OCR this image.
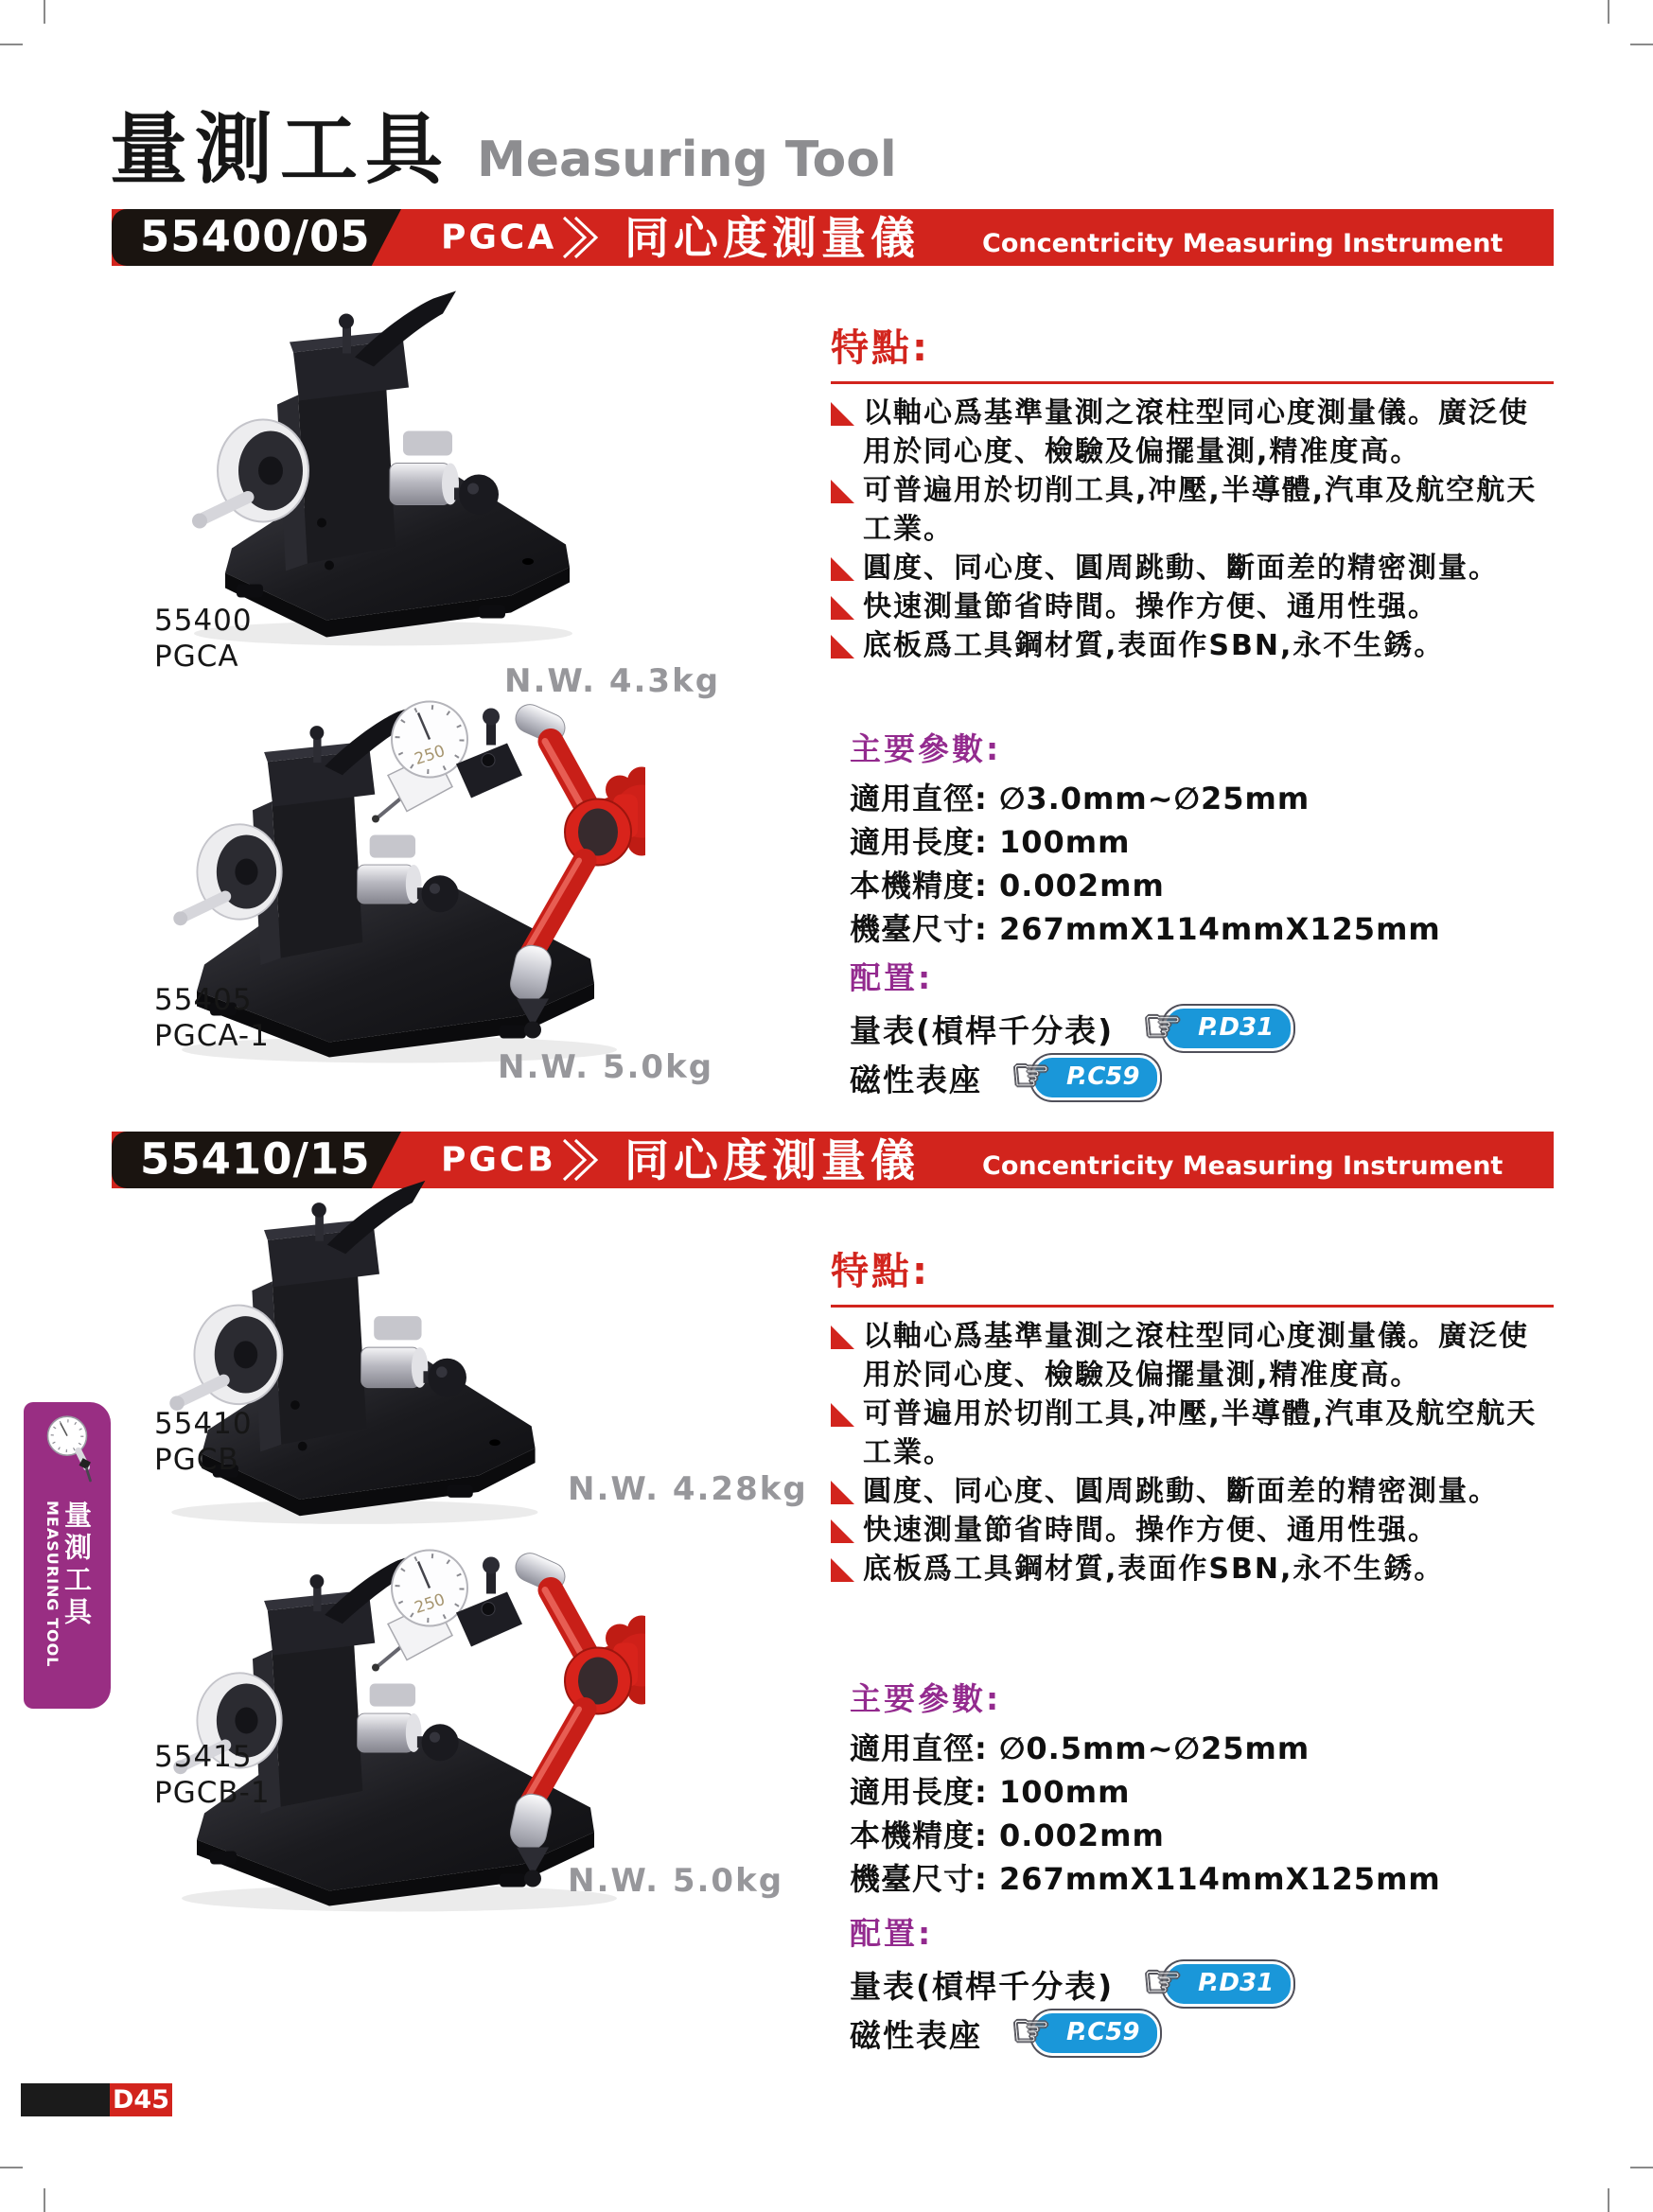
量測工具 Measuring Tool
55400/05 PGCA 同心度測量儀 Concentricity Measuring Instrument
55400
PGCA
N.W. 4.3kg
250
55405
PGCA-1
N.W. 5.0kg
特點:
以軸心爲基準量測之滾柱型同心度測量儀。廣泛使用於同心度、檢驗及偏擺量測,精准度高。
可普遍用於切削工具,冲壓,半導體,汽車及航空航天工業。
圓度、同心度、圓周跳動、斷面差的精密測量。
快速測量節省時間。操作方便、通用性强。
底板爲工具鋼材質,表面作SBN,永不生銹。
主要參數:
適用直徑: ∅3.0mm~∅25mm
適用長度: 100mm
本機精度: 0.002mm
機臺尺寸: 267mmX114mmX125mm
配置:
量表(槓桿千分表) ☞ P.D31
磁性表座 ☞ P.C59
55410/15 PGCB 同心度測量儀 Concentricity Measuring Instrument
55410
PGCB
N.W. 4.28kg
250
55415
PGCB-1
N.W. 5.0kg
特點:
以軸心爲基準量測之滾柱型同心度測量儀。廣泛使用於同心度、檢驗及偏擺量測,精准度高。
可普遍用於切削工具,冲壓,半導體,汽車及航空航天工業。
圓度、同心度、圓周跳動、斷面差的精密測量。
快速測量節省時間。操作方便、通用性强。
底板爲工具鋼材質,表面作SBN,永不生銹。
主要參數:
適用直徑: ∅0.5mm~∅25mm
適用長度: 100mm
本機精度: 0.002mm
機臺尺寸: 267mmX114mmX125mm
配置:
量表(槓桿千分表) ☞ P.D31
磁性表座 ☞ P.C59
MEASURING TOOL 量測工具
D45
